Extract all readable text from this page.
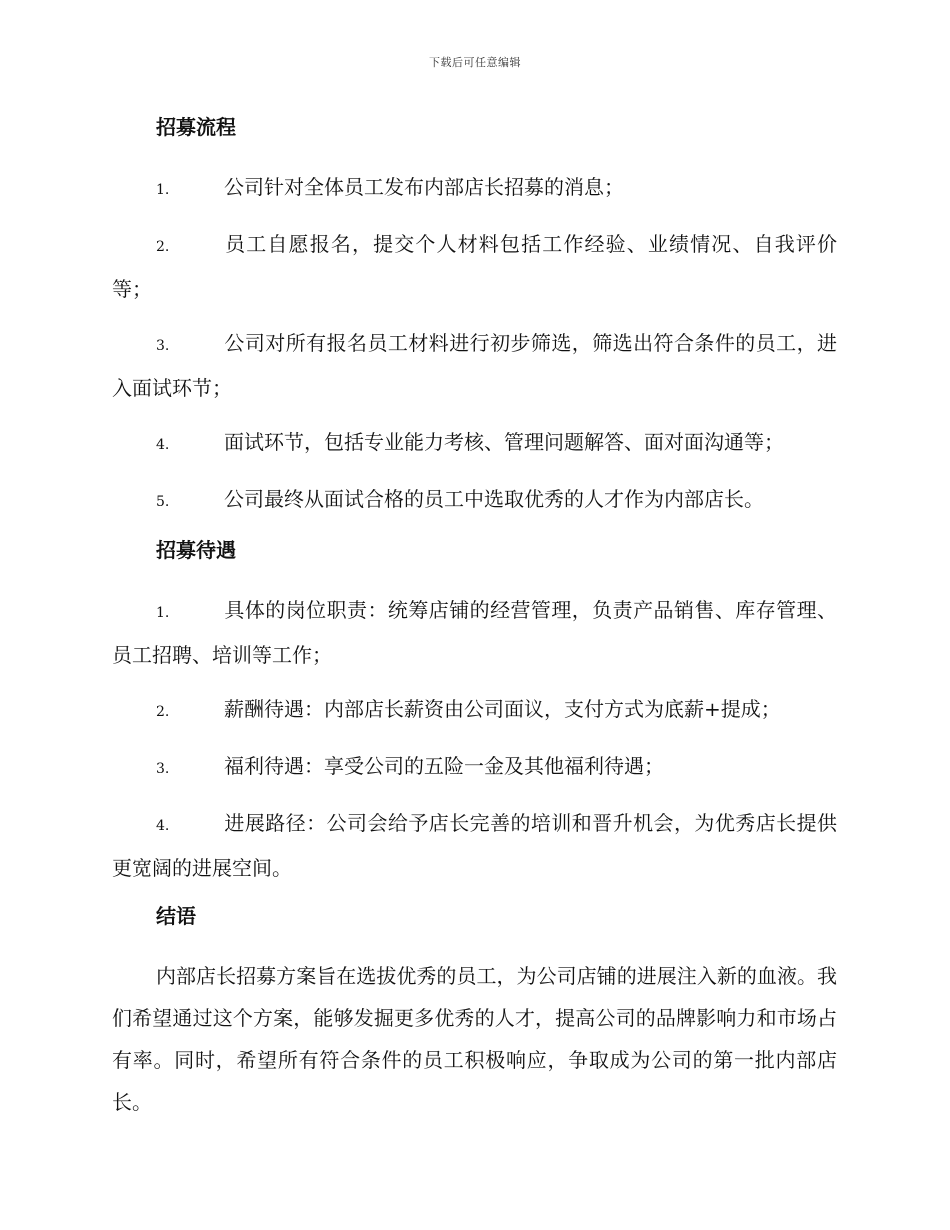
下载后可任意编辑
招募流程
1.	公司针对全体员工发布内部店长招募的消息；
2.	员工自愿报名，提交个人材料包括工作经验、业绩情况、自我评价等；
3.	公司对所有报名员工材料进行初步筛选，筛选出符合条件的员工，进入面试环节；
4.	面试环节，包括专业能力考核、管理问题解答、面对面沟通等；
5.	公司最终从面试合格的员工中选取优秀的人才作为内部店长。
招募待遇
1.	具体的岗位职责：统筹店铺的经营管理，负责产品销售、库存管理、员工招聘、培训等工作；
2.	薪酬待遇：内部店长薪资由公司面议，支付方式为底薪+提成；
3.	福利待遇：享受公司的五险一金及其他福利待遇；
4.	进展路径：公司会给予店长完善的培训和晋升机会，为优秀店长提供更宽阔的进展空间。
结语

内部店长招募方案旨在选拔优秀的员工，为公司店铺的进展注入新的血液。我们希望通过这个方案，能够发掘更多优秀的人才，提高公司的品牌影响力和市场占有率。同时，希望所有符合条件的员工积极响应，争取成为公司的第一批内部店长。
